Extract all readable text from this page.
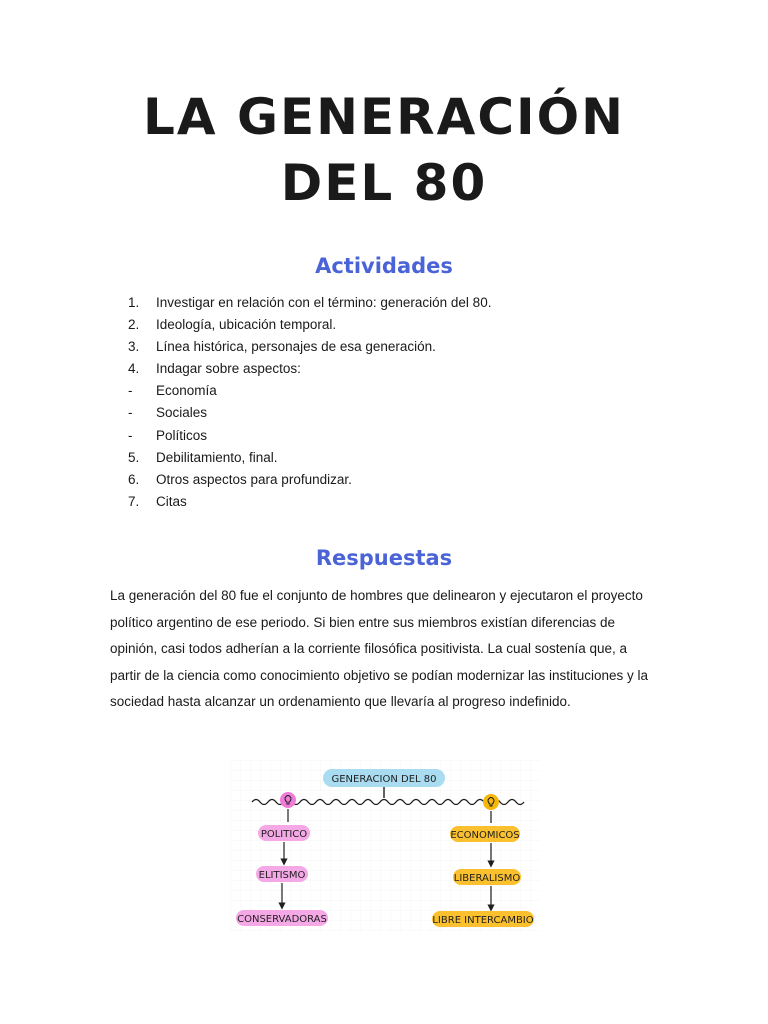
LA GENERACIÓN
DEL 80
Actividades
1.	Investigar en relación con el término: generación del 80.
2.	Ideología, ubicación temporal.
3.	Línea histórica, personajes de esa generación.
4.	Indagar sobre aspectos:
-	Economía
-	Sociales
-	Políticos
5.	Debilitamiento, final.
6.	Otros aspectos para profundizar.
7.	Citas
Respuestas

La generación del 80 fue el conjunto de hombres que delinearon y ejecutaron el proyecto político argentino de ese periodo. Si bien entre sus miembros existían diferencias de opinión, casi todos adherían a la corriente filosófica positivista. La cual sostenía que, a partir de la ciencia como conocimiento objetivo se podían modernizar las instituciones y la sociedad hasta alcanzar un ordenamiento que llevaría al progreso indefinido.

GENERACION DEL 80
POLITICO
ELITISMO
CONSERVADORAS
ECONOMICOS
LIBERALISMO
LIBRE INTERCAMBIO
